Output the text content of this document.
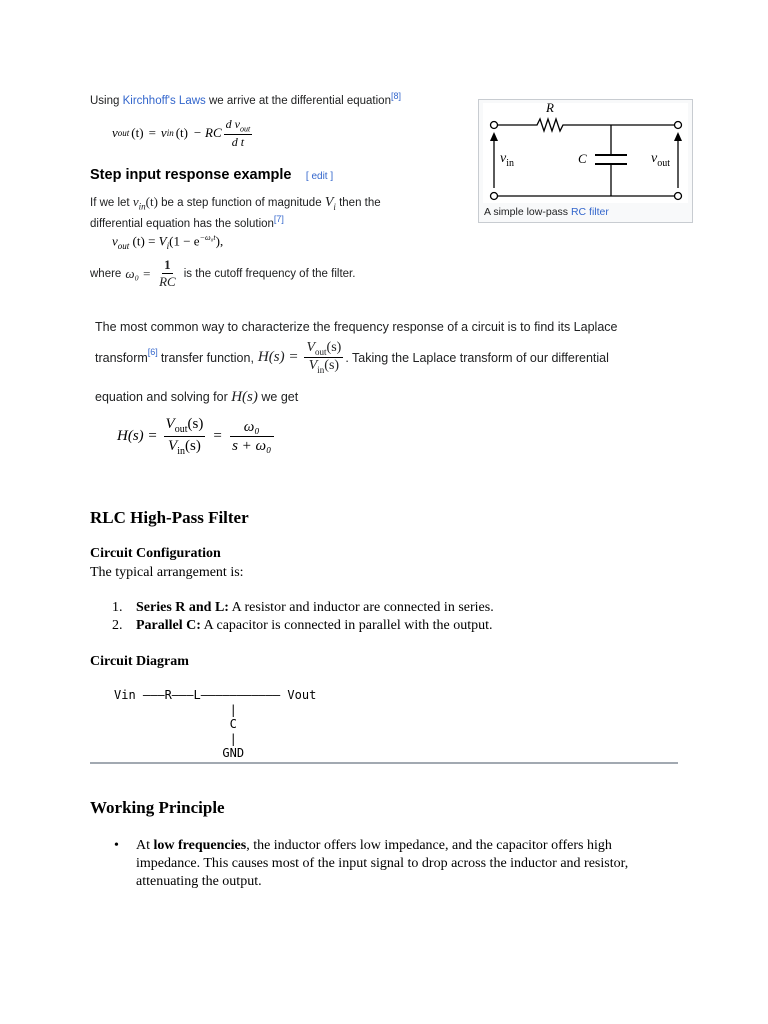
Using Kirchhoff's Laws we arrive at the differential equation[8]
v out (t) = v in (t) − RC $\frac{d v_{out}}{\text{d t}}$
Step input response example [ edit ]
If we let $v_{in}(t)$ be a step function of magnitude $V_i$ then the
differential equation has the solution[7]
$v_{out}$ $(t) = V_i(1 - e^{-\omega_0t})$,
where $\omega_0 = \frac{1}{RC}$ is the cutoff frequency of the filter.
R
C
$v_{in}$	$v_{out}$
A simple low-pass RC filter
The most common way to characterize the frequency response of a circuit is to find its Laplace
transform[6] transfer function, $H(s) = \frac{V_{out}(s)}{V_{in}(s)}$ . Taking the Laplace transform of our differential
equation and solving for H(s) we get
$H(s) = \frac{V_{out}(s)}{V_{in}(s)} = \frac{\text{ω₀}}{\text{s + ω₀}}$
RLC High-Pass Filter
Circuit Configuration
The typical arrangement is:
1. Series R and L: A resistor and inductor are connected in series.
2. Parallel C: A capacitor is connected in parallel with the output.
Circuit Diagram
Vin ———R———L——————————— Vout
|
C
|
GND
Working Principle
• At low frequencies, the inductor offers low impedance, and the capacitor offers high impedance. This causes most of the input signal to drop across the inductor and resistor, attenuating the output.
